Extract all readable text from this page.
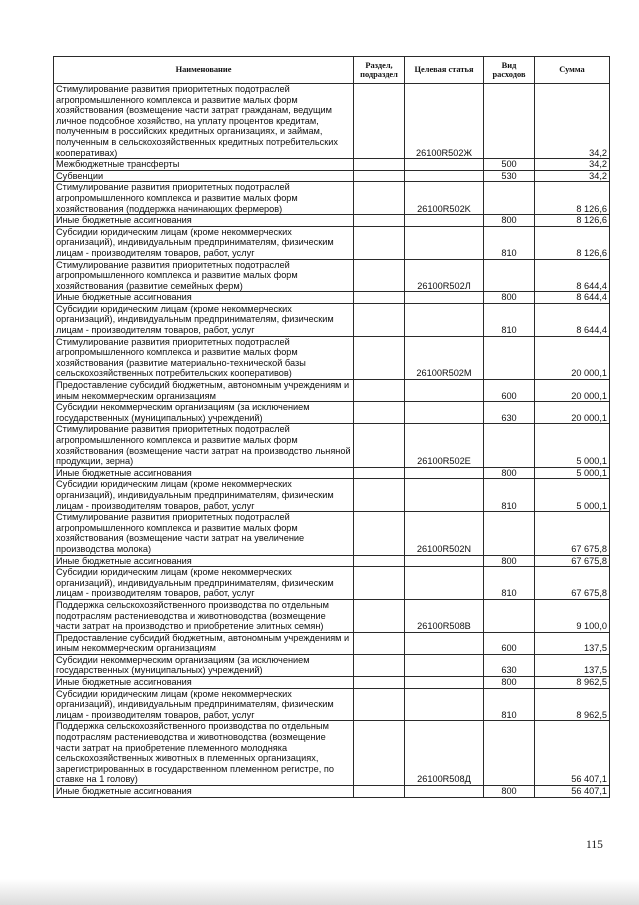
Наименование	Раздел, подраздел	Целевая статья	Вид расходов	Сумма
Стимулирование развития приоритетных подотраслей агропромышленного комплекса и развитие малых форм хозяйствования (возмещение части затрат гражданам, ведущим личное подсобное хозяйство, на уплату процентов кредитам, полученным в российских кредитных организациях, и займам, полученным в сельскохозяйственных кредитных потребительских кооперативах)		26100R502Ж		34,2
Межбюджетные трансферты			500	34,2
Субвенции			530	34,2
Стимулирование развития приоритетных подотраслей агропромышленного комплекса и развитие малых форм хозяйствования (поддержка начинающих фермеров)		26100R502K		8 126,6
Иные бюджетные ассигнования			800	8 126,6
Субсидии юридическим лицам (кроме некоммерческих организаций), индивидуальным предпринимателям, физическим лицам - производителям товаров, работ, услуг			810	8 126,6
Стимулирование развития приоритетных подотраслей агропромышленного комплекса и развитие малых форм хозяйствования (развитие семейных ферм)		26100R502Л		8 644,4
Иные бюджетные ассигнования			800	8 644,4
Субсидии юридическим лицам (кроме некоммерческих организаций), индивидуальным предпринимателям, физическим лицам - производителям товаров, работ, услуг			810	8 644,4
Стимулирование развития приоритетных подотраслей агропромышленного комплекса и развитие малых форм хозяйствования (развитие материально-технической базы сельскохозяйственных потребительских кооперативов)		26100R502M		20 000,1
Предоставление субсидий бюджетным, автономным учреждениям и иным некоммерческим организациям			600	20 000,1
Субсидии некоммерческим организациям (за исключением государственных (муниципальных) учреждений)			630	20 000,1
Стимулирование развития приоритетных подотраслей агропромышленного комплекса и развитие малых форм хозяйствования (возмещение части затрат на производство льняной продукции, зерна)		26100R502E		5 000,1
Иные бюджетные ассигнования			800	5 000,1
Субсидии юридическим лицам (кроме некоммерческих организаций), индивидуальным предпринимателям, физическим лицам - производителям товаров, работ, услуг			810	5 000,1
Стимулирование развития приоритетных подотраслей агропромышленного комплекса и развитие малых форм хозяйствования (возмещение части затрат на увеличение производства молока)		26100R502N		67 675,8
Иные бюджетные ассигнования			800	67 675,8
Субсидии юридическим лицам (кроме некоммерческих организаций), индивидуальным предпринимателям, физическим лицам - производителям товаров, работ, услуг			810	67 675,8
Поддержка сельскохозяйственного производства по отдельным подотраслям растениеводства и животноводства (возмещение части затрат на производство и приобретение элитных семян)		26100R508B		9 100,0
Предоставление субсидий бюджетным, автономным учреждениям и иным некоммерческим организациям			600	137,5
Субсидии некоммерческим организациям (за исключением государственных (муниципальных) учреждений)			630	137,5
Иные бюджетные ассигнования			800	8 962,5
Субсидии юридическим лицам (кроме некоммерческих организаций), индивидуальным предпринимателям, физическим лицам - производителям товаров, работ, услуг			810	8 962,5
Поддержка сельскохозяйственного производства по отдельным подотраслям растениеводства и животноводства (возмещение части затрат на приобретение племенного молодняка сельскохозяйственных животных в племенных организациях, зарегистрированных в государственном племенном регистре, по ставке на 1 голову)		26100R508Д		56 407,1
Иные бюджетные ассигнования			800	56 407,1
115
